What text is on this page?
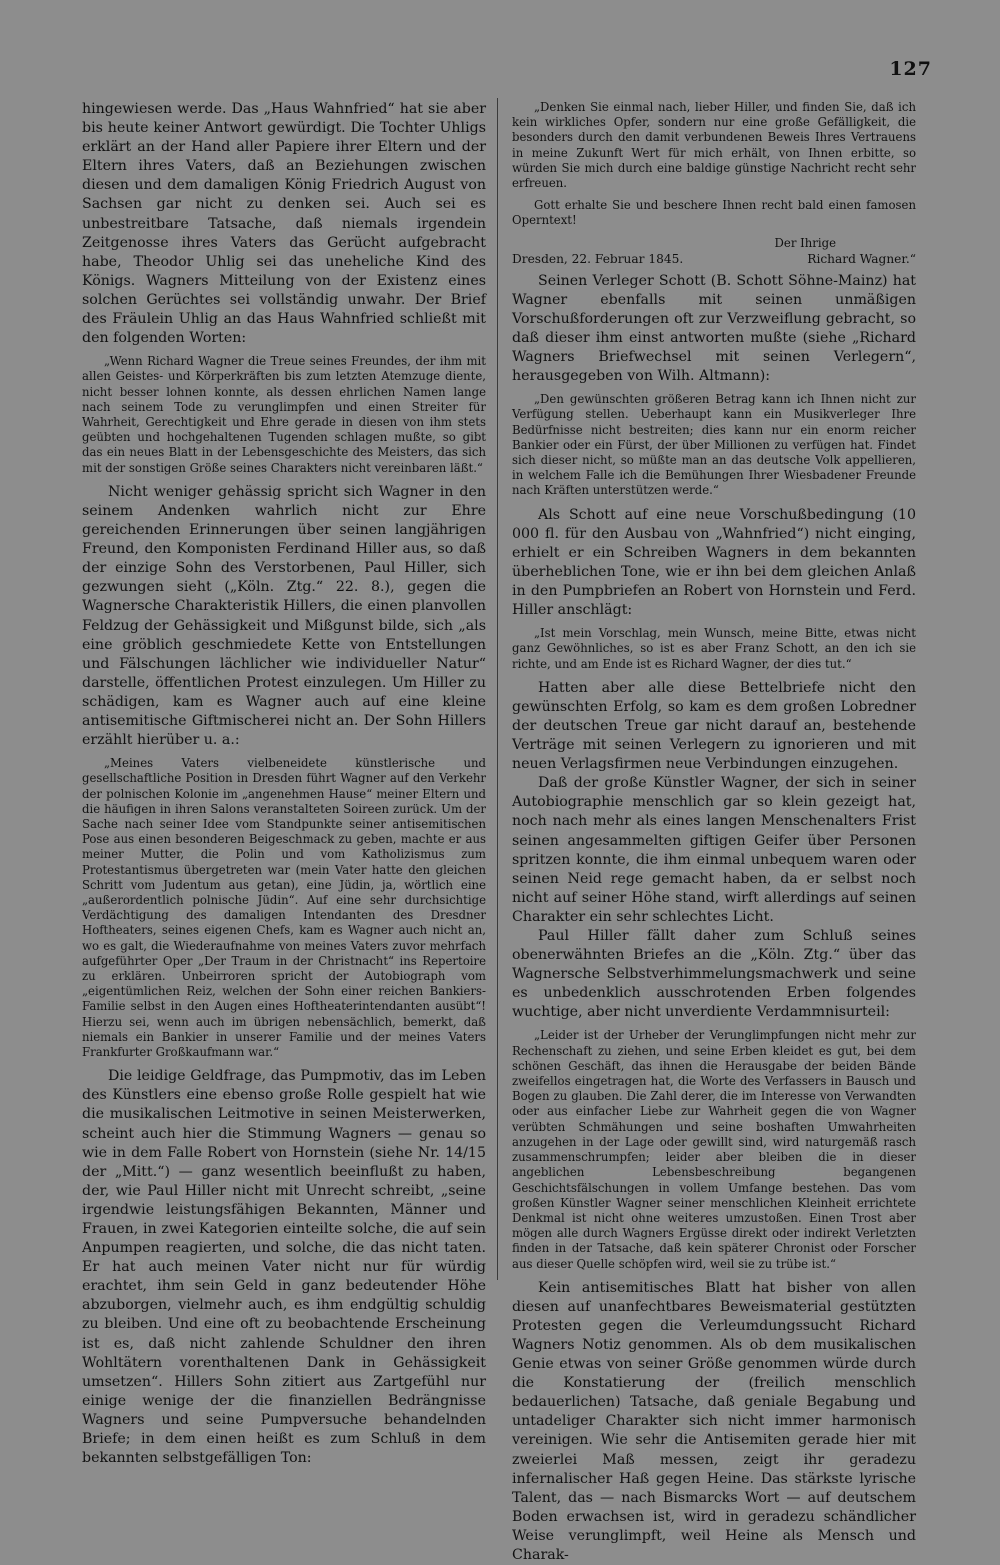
127

hingewiesen werde. Das „Haus Wahnfried“ hat sie aber bis heute keiner Antwort gewürdigt. Die Tochter Uhligs erklärt an der Hand aller Papiere ihrer Eltern und der Eltern ihres Vaters, daß an Beziehungen zwischen diesen und dem damaligen König Friedrich August von Sachsen gar nicht zu denken sei. Auch sei es unbestreitbare Tatsache, daß niemals irgendein Zeitgenosse ihres Vaters das Gerücht aufgebracht habe, Theodor Uhlig sei das uneheliche Kind des Königs. Wagners Mitteilung von der Existenz eines solchen Gerüchtes sei vollständig unwahr. Der Brief des Fräulein Uhlig an das Haus Wahnfried schließt mit den folgenden Worten:

„Wenn Richard Wagner die Treue seines Freundes, der ihm mit allen Geistes- und Körperkräften bis zum letzten Atemzuge diente, nicht besser lohnen konnte, als dessen ehrlichen Namen lange nach seinem Tode zu verunglimpfen und einen Streiter für Wahrheit, Gerechtigkeit und Ehre gerade in diesen von ihm stets geübten und hochgehaltenen Tugenden schlagen mußte, so gibt das ein neues Blatt in der Lebensgeschichte des Meisters, das sich mit der sonstigen Größe seines Charakters nicht vereinbaren läßt.“

Nicht weniger gehässig spricht sich Wagner in den seinem Andenken wahrlich nicht zur Ehre gereichenden Erinnerungen über seinen langjährigen Freund, den Komponisten Ferdinand Hiller aus, so daß der einzige Sohn des Verstorbenen, Paul Hiller, sich gezwungen sieht („Köln. Ztg.“ 22. 8.), gegen die Wagnersche Charakteristik Hillers, die einen planvollen Feldzug der Gehässigkeit und Mißgunst bilde, sich „als eine gröblich geschmiedete Kette von Entstellungen und Fälschungen lächlicher wie individueller Natur“ darstelle, öffentlichen Protest einzulegen. Um Hiller zu schädigen, kam es Wagner auch auf eine kleine antisemitische Giftmischerei nicht an. Der Sohn Hillers erzählt hierüber u. a.:

„Meines Vaters vielbeneidete künstlerische und gesellschaftliche Position in Dresden führt Wagner auf den Verkehr der polnischen Kolonie im „angenehmen Hause“ meiner Eltern und die häufigen in ihren Salons veranstalteten Soireen zurück. Um der Sache nach seiner Idee vom Standpunkte seiner antisemitischen Pose aus einen besonderen Beigeschmack zu geben, machte er aus meiner Mutter, die Polin und vom Katholizismus zum Protestantismus übergetreten war (mein Vater hatte den gleichen Schritt vom Judentum aus getan), eine Jüdin, ja, wörtlich eine „außerordentlich polnische Jüdin“. Auf eine sehr durchsichtige Verdächtigung des damaligen Intendanten des Dresdner Hoftheaters, seines eigenen Chefs, kam es Wagner auch nicht an, wo es galt, die Wiederaufnahme von meines Vaters zuvor mehrfach aufgeführter Oper „Der Traum in der Christnacht“ ins Repertoire zu erklären. Unbeirroren spricht der Autobiograph vom „eigentümlichen Reiz, welchen der Sohn einer reichen Bankiers-Familie selbst in den Augen eines Hoftheaterintendanten ausübt“! Hierzu sei, wenn auch im übrigen nebensächlich, bemerkt, daß niemals ein Bankier in unserer Familie und der meines Vaters Frankfurter Großkaufmann war.“

Die leidige Geldfrage, das Pumpmotiv, das im Leben des Künstlers eine ebenso große Rolle gespielt hat wie die musikalischen Leitmotive in seinen Meisterwerken, scheint auch hier die Stimmung Wagners — genau so wie in dem Falle Robert von Hornstein (siehe Nr. 14/15 der „Mitt.“) — ganz wesentlich beeinflußt zu haben, der, wie Paul Hiller nicht mit Unrecht schreibt, „seine irgendwie leistungsfähigen Bekannten, Männer und Frauen, in zwei Kategorien einteilte solche, die auf sein Anpumpen reagierten, und solche, die das nicht taten. Er hat auch meinen Vater nicht nur für würdig erachtet, ihm sein Geld in ganz bedeutender Höhe abzuborgen, vielmehr auch, es ihm endgültig schuldig zu bleiben. Und eine oft zu beobachtende Erscheinung ist es, daß nicht zahlende Schuldner den ihren Wohltätern vorenthaltenen Dank in Gehässigkeit umsetzen“. Hillers Sohn zitiert aus Zartgefühl nur einige wenige der die finanziellen Bedrängnisse Wagners und seine Pumpversuche behandelnden Briefe; in dem einen heißt es zum Schluß in dem bekannten selbstgefälligen Ton:

„Denken Sie einmal nach, lieber Hiller, und finden Sie, daß ich kein wirkliches Opfer, sondern nur eine große Gefälligkeit, die besonders durch den damit verbundenen Beweis Ihres Vertrauens in meine Zukunft Wert für mich erhält, von Ihnen erbitte, so würden Sie mich durch eine baldige günstige Nachricht recht sehr erfreuen.

Gott erhalte Sie und beschere Ihnen recht bald einen famosen Operntext!

Der Ihrige
Dresden, 22. Februar 1845.	Richard Wagner.“

Seinen Verleger Schott (B. Schott Söhne-Mainz) hat Wagner ebenfalls mit seinen unmäßigen Vorschußforderungen oft zur Verzweiflung gebracht, so daß dieser ihm einst antworten mußte (siehe „Richard Wagners Briefwechsel mit seinen Verlegern“, herausgegeben von Wilh. Altmann):

„Den gewünschten größeren Betrag kann ich Ihnen nicht zur Verfügung stellen. Ueberhaupt kann ein Musikverleger Ihre Bedürfnisse nicht bestreiten; dies kann nur ein enorm reicher Bankier oder ein Fürst, der über Millionen zu verfügen hat. Findet sich dieser nicht, so müßte man an das deutsche Volk appellieren, in welchem Falle ich die Bemühungen Ihrer Wiesbadener Freunde nach Kräften unterstützen werde.“

Als Schott auf eine neue Vorschußbedingung (10 000 fl. für den Ausbau von „Wahnfried“) nicht einging, erhielt er ein Schreiben Wagners in dem bekannten überheblichen Tone, wie er ihn bei dem gleichen Anlaß in den Pumpbriefen an Robert von Hornstein und Ferd. Hiller anschlägt:

„Ist mein Vorschlag, mein Wunsch, meine Bitte, etwas nicht ganz Gewöhnliches, so ist es aber Franz Schott, an den ich sie richte, und am Ende ist es Richard Wagner, der dies tut.“

Hatten aber alle diese Bettelbriefe nicht den gewünschten Erfolg, so kam es dem großen Lobredner der deutschen Treue gar nicht darauf an, bestehende Verträge mit seinen Verlegern zu ignorieren und mit neuen Verlagsfirmen neue Verbindungen einzugehen.

Daß der große Künstler Wagner, der sich in seiner Autobiographie menschlich gar so klein gezeigt hat, noch nach mehr als eines langen Menschenalters Frist seinen angesammelten giftigen Geifer über Personen spritzen konnte, die ihm einmal unbequem waren oder seinen Neid rege gemacht haben, da er selbst noch nicht auf seiner Höhe stand, wirft allerdings auf seinen Charakter ein sehr schlechtes Licht.

Paul Hiller fällt daher zum Schluß seines obenerwähnten Briefes an die „Köln. Ztg.“ über das Wagnersche Selbstverhimmelungsmachwerk und seine es unbedenklich ausschrotenden Erben folgendes wuchtige, aber nicht unverdiente Verdammnisurteil:

„Leider ist der Urheber der Verunglimpfungen nicht mehr zur Rechenschaft zu ziehen, und seine Erben kleidet es gut, bei dem schönen Geschäft, das ihnen die Herausgabe der beiden Bände zweifellos eingetragen hat, die Worte des Verfassers in Bausch und Bogen zu glauben. Die Zahl derer, die im Interesse von Verwandten oder aus einfacher Liebe zur Wahrheit gegen die von Wagner verübten Schmähungen und seine boshaften Umwahrheiten anzugehen in der Lage oder gewillt sind, wird naturgemäß rasch zusammenschrumpfen; leider aber bleiben die in dieser angeblichen Lebensbeschreibung begangenen Geschichtsfälschungen in vollem Umfange bestehen. Das vom großen Künstler Wagner seiner menschlichen Kleinheit errichtete Denkmal ist nicht ohne weiteres umzustoßen. Einen Trost aber mögen alle durch Wagners Ergüsse direkt oder indirekt Verletzten finden in der Tatsache, daß kein späterer Chronist oder Forscher aus dieser Quelle schöpfen wird, weil sie zu trübe ist.“

Kein antisemitisches Blatt hat bisher von allen diesen auf unanfechtbares Beweismaterial gestützten Protesten gegen die Verleumdungssucht Richard Wagners Notiz genommen. Als ob dem musikalischen Genie etwas von seiner Größe genommen würde durch die Konstatierung der (freilich menschlich bedauerlichen) Tatsache, daß geniale Begabung und untadeliger Charakter sich nicht immer harmonisch vereinigen. Wie sehr die Antisemiten gerade hier mit zweierlei Maß messen, zeigt ihr geradezu infernalischer Haß gegen Heine. Das stärkste lyrische Talent, das — nach Bismarcks Wort — auf deutschem Boden erwachsen ist, wird in geradezu schändlicher Weise verunglimpft, weil Heine als Mensch und Charak-
